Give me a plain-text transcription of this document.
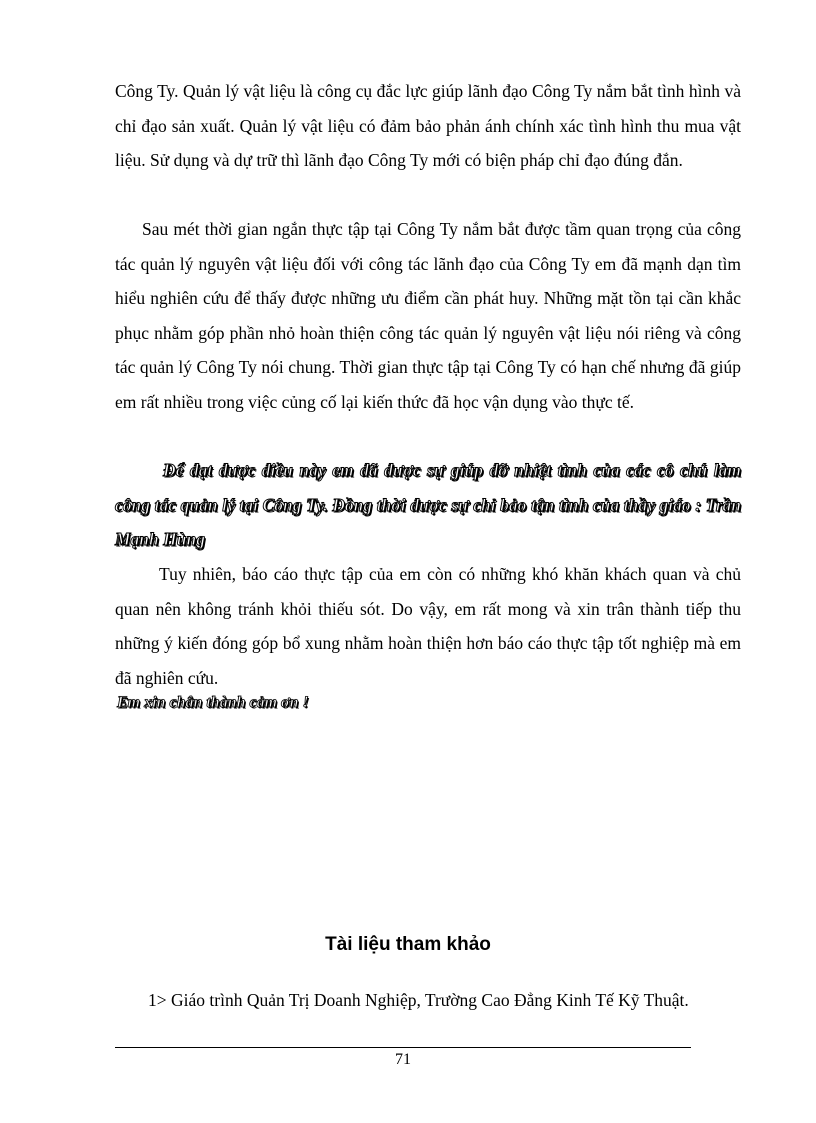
Công Ty. Quản lý vật liệu là công cụ đắc lực giúp lãnh đạo Công Ty nắm bắt tình hình và chỉ đạo sản xuất. Quản lý vật liệu có đảm bảo phản ánh chính xác tình hình thu mua vật liệu. Sử dụng và dự trữ thì lãnh đạo Công Ty mới có biện pháp chỉ đạo đúng đắn.

Sau mét thời gian ngắn thực tập tại Công Ty nắm bắt được tầm quan trọng của công tác quản lý nguyên vật liệu đối với công tác lãnh đạo của Công Ty em đã mạnh dạn tìm hiểu nghiên cứu để thấy được những ưu điểm cần phát huy. Những mặt tồn tại cần khắc phục nhằm góp phần nhỏ hoàn thiện công tác quản lý nguyên vật liệu nói riêng và công tác quản lý Công Ty nói chung. Thời gian thực tập tại Công Ty có hạn chế nhưng đã giúp em rất nhiều trong việc củng cố lại kiến thức đã học vận dụng vào thực tế.

Để đạt được điều này em đã được sự giúp đỡ nhiệt tình của các cô chú làm công tác quản lý tại Công Ty. Đồng thời được sự chỉ bảo tận tình của thầy giáo : Trần Mạnh Hùng

Tuy nhiên, báo cáo thực tập của em còn có những khó khăn khách quan và chủ quan nên không tránh khỏi thiếu sót. Do vậy, em rất mong và xin trân thành tiếp thu những ý kiến đóng góp bổ xung nhằm hoàn thiện hơn báo cáo thực tập tốt nghiệp mà em đã nghiên cứu.

Em xin chân thành cảm ơn !

Tài liệu tham khảo

1> Giáo trình Quản Trị Doanh Nghiệp, Trường Cao Đẳng Kinh Tế Kỹ Thuật.

71
